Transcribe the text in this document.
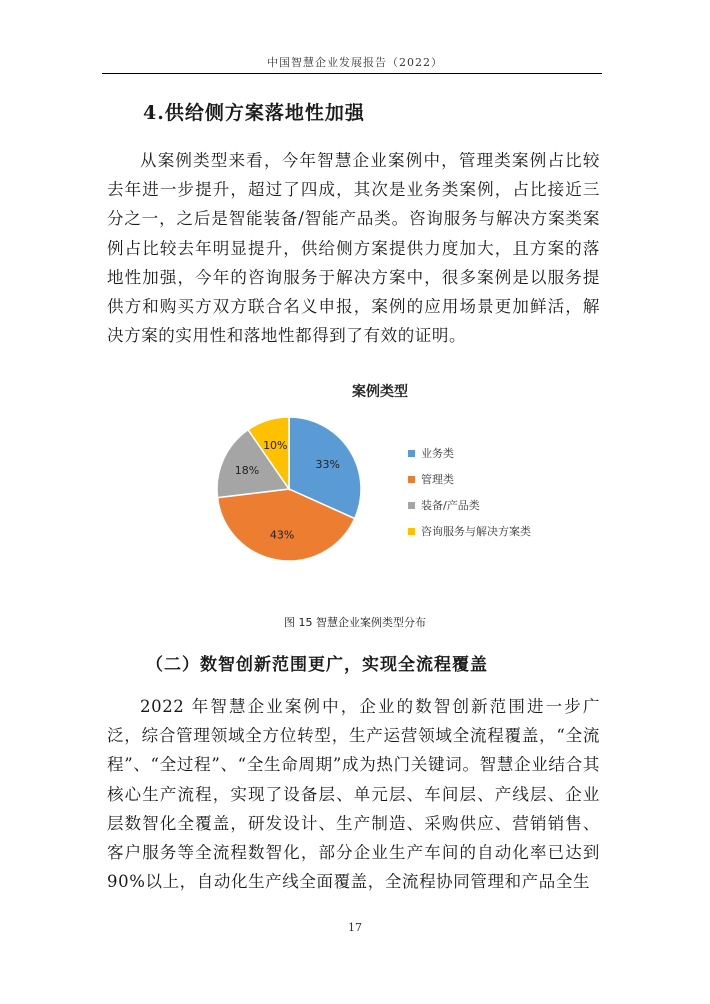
中国智慧企业发展报告（2022）
4.供给侧方案落地性加强

从案例类型来看，今年智慧企业案例中，管理类案例占比较去年进一步提升，超过了四成，其次是业务类案例，占比接近三分之一，之后是智能装备/智能产品类。咨询服务与解决方案类案例占比较去年明显提升，供给侧方案提供力度加大，且方案的落地性加强，今年的咨询服务于解决方案中，很多案例是以服务提供方和购买方双方联合名义申报，案例的应用场景更加鲜活，解决方案的实用性和落地性都得到了有效的证明。

案例类型
33%
43%
18%
10%
业务类
管理类
装备/产品类
咨询服务与解决方案类
图 15 智慧企业案例类型分布
（二）数智创新范围更广，实现全流程覆盖

2022 年智慧企业案例中，企业的数智创新范围进一步广泛，综合管理领域全方位转型，生产运营领域全流程覆盖，“全流程”、“全过程”、“全生命周期”成为热门关键词。智慧企业结合其核心生产流程，实现了设备层、单元层、车间层、产线层、企业层数智化全覆盖，研发设计、生产制造、采购供应、营销销售、客户服务等全流程数智化，部分企业生产车间的自动化率已达到90%以上，自动化生产线全面覆盖，全流程协同管理和产品全生

17
